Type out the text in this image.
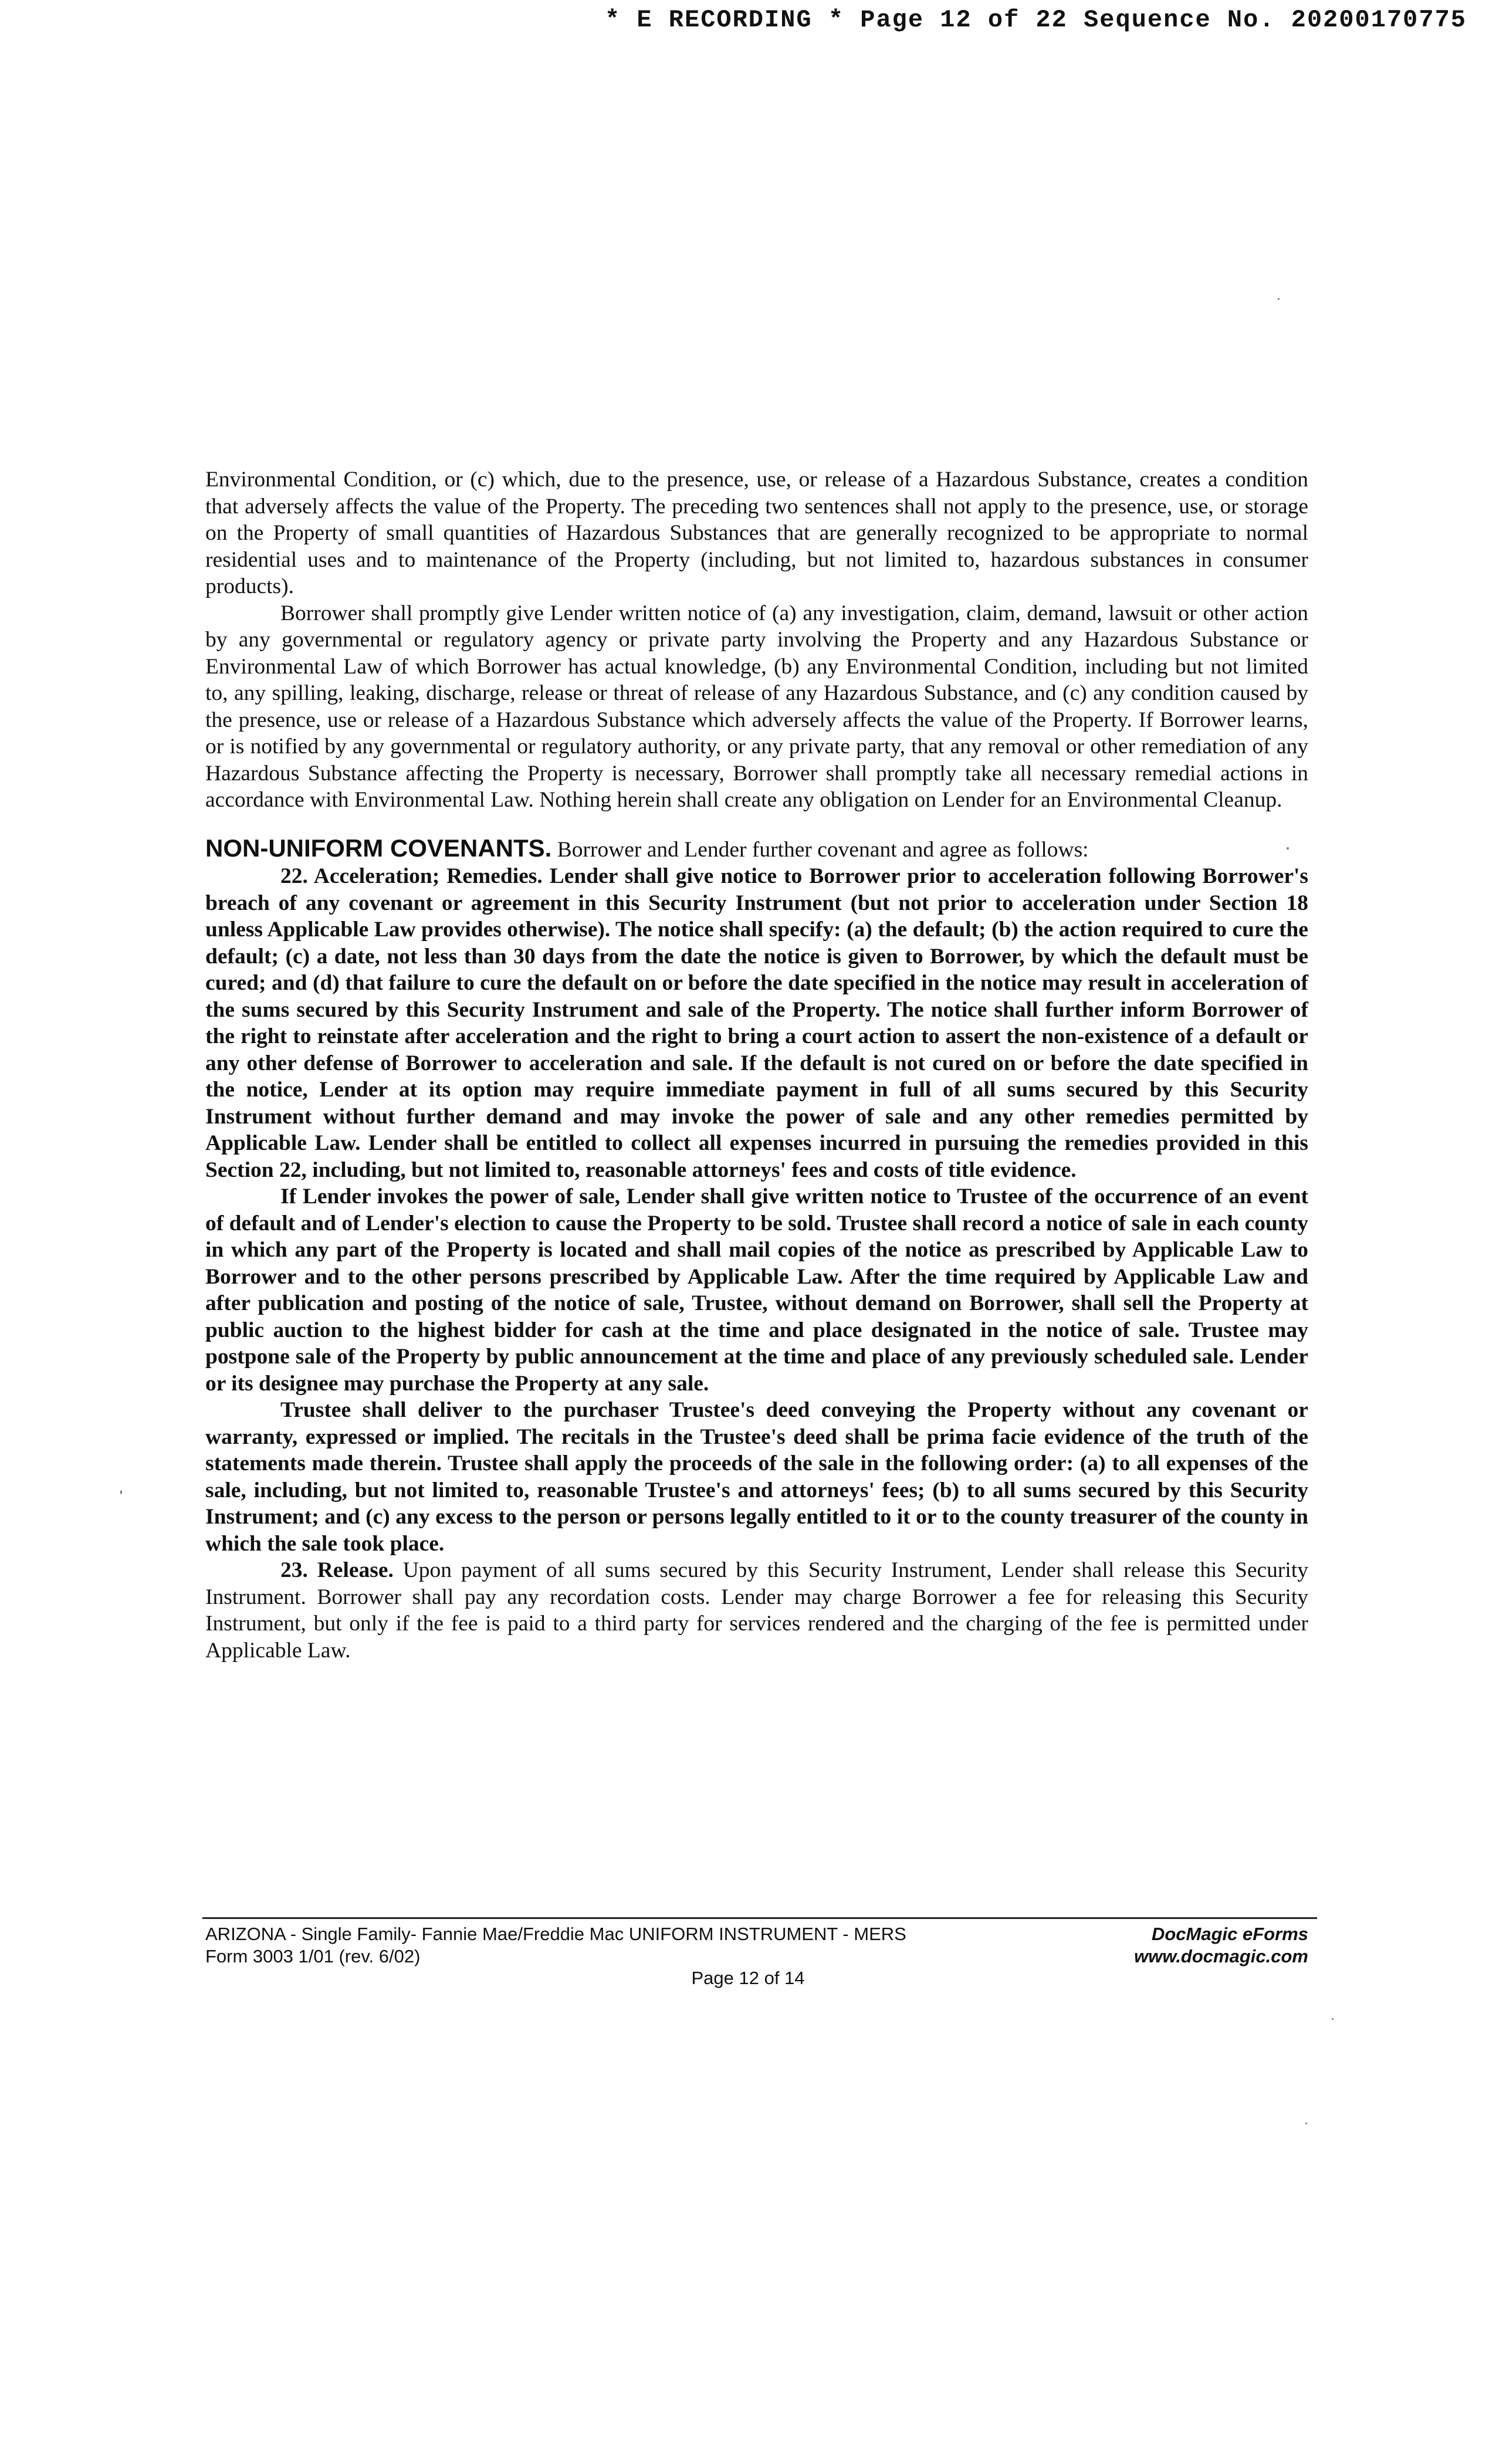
* E RECORDING * Page 12 of 22 Sequence No. 20200170775

Environmental Condition, or (c) which, due to the presence, use, or release of a Hazardous Substance, creates a condition that adversely affects the value of the Property. The preceding two sentences shall not apply to the presence, use, or storage on the Property of small quantities of Hazardous Substances that are generally recognized to be appropriate to normal residential uses and to maintenance of the Property (including, but not limited to, hazardous substances in consumer products).

Borrower shall promptly give Lender written notice of (a) any investigation, claim, demand, lawsuit or other action by any governmental or regulatory agency or private party involving the Property and any Hazardous Substance or Environmental Law of which Borrower has actual knowledge, (b) any Environmental Condition, including but not limited to, any spilling, leaking, discharge, release or threat of release of any Hazardous Substance, and (c) any condition caused by the presence, use or release of a Hazardous Substance which adversely affects the value of the Property. If Borrower learns, or is notified by any governmental or regulatory authority, or any private party, that any removal or other remediation of any Hazardous Substance affecting the Property is necessary, Borrower shall promptly take all necessary remedial actions in accordance with Environmental Law. Nothing herein shall create any obligation on Lender for an Environmental Cleanup.

NON-UNIFORM COVENANTS. Borrower and Lender further covenant and agree as follows:

22. Acceleration; Remedies. Lender shall give notice to Borrower prior to acceleration following Borrower's breach of any covenant or agreement in this Security Instrument (but not prior to acceleration under Section 18 unless Applicable Law provides otherwise). The notice shall specify: (a) the default; (b) the action required to cure the default; (c) a date, not less than 30 days from the date the notice is given to Borrower, by which the default must be cured; and (d) that failure to cure the default on or before the date specified in the notice may result in acceleration of the sums secured by this Security Instrument and sale of the Property. The notice shall further inform Borrower of the right to reinstate after acceleration and the right to bring a court action to assert the non-existence of a default or any other defense of Borrower to acceleration and sale. If the default is not cured on or before the date specified in the notice, Lender at its option may require immediate payment in full of all sums secured by this Security Instrument without further demand and may invoke the power of sale and any other remedies permitted by Applicable Law. Lender shall be entitled to collect all expenses incurred in pursuing the remedies provided in this Section 22, including, but not limited to, reasonable attorneys' fees and costs of title evidence.

If Lender invokes the power of sale, Lender shall give written notice to Trustee of the occurrence of an event of default and of Lender's election to cause the Property to be sold. Trustee shall record a notice of sale in each county in which any part of the Property is located and shall mail copies of the notice as prescribed by Applicable Law to Borrower and to the other persons prescribed by Applicable Law. After the time required by Applicable Law and after publication and posting of the notice of sale, Trustee, without demand on Borrower, shall sell the Property at public auction to the highest bidder for cash at the time and place designated in the notice of sale. Trustee may postpone sale of the Property by public announcement at the time and place of any previously scheduled sale. Lender or its designee may purchase the Property at any sale.

Trustee shall deliver to the purchaser Trustee's deed conveying the Property without any covenant or warranty, expressed or implied. The recitals in the Trustee's deed shall be prima facie evidence of the truth of the statements made therein. Trustee shall apply the proceeds of the sale in the following order: (a) to all expenses of the sale, including, but not limited to, reasonable Trustee's and attorneys' fees; (b) to all sums secured by this Security Instrument; and (c) any excess to the person or persons legally entitled to it or to the county treasurer of the county in which the sale took place.

23. Release. Upon payment of all sums secured by this Security Instrument, Lender shall release this Security Instrument. Borrower shall pay any recordation costs. Lender may charge Borrower a fee for releasing this Security Instrument, but only if the fee is paid to a third party for services rendered and the charging of the fee is permitted under Applicable Law.

ARIZONA - Single Family- Fannie Mae/Freddie Mac UNIFORM INSTRUMENT - MERS
Form 3003 1/01 (rev. 6/02)
DocMagic eForms
www.docmagic.com
Page 12 of 14
